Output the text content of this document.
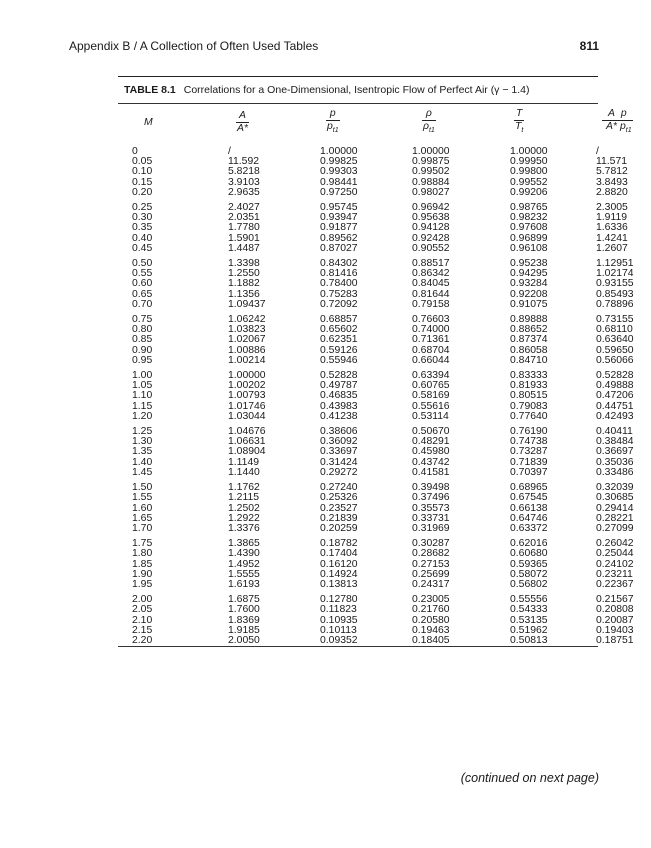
Appendix B / A Collection of Often Used Tables	811
TABLE 8.1 Correlations for a One-Dimensional, Isentropic Flow of Perfect Air (γ − 1.4)
M	$\frac{A}{A*}$	$\frac{p}{p_{t1}}$	$\frac{\rho}{\rho_{t1}}$	$\frac{T}{T_t}$	$\frac{\text{A p}}{A* p_{t1}}$

0	/	1.00000	1.00000	1.00000	/
0.05	11.592	0.99825	0.99875	0.99950	11.571
0.10	5.8218	0.99303	0.99502	0.99800	5.7812
0.15	3.9103	0.98441	0.98884	0.99552	3.8493
0.20	2.9635	0.97250	0.98027	0.99206	2.8820
0.25	2.4027	0.95745	0.96942	0.98765	2.3005
0.30	2.0351	0.93947	0.95638	0.98232	1.9119
0.35	1.7780	0.91877	0.94128	0.97608	1.6336
0.40	1.5901	0.89562	0.92428	0.96899	1.4241
0.45	1.4487	0.87027	0.90552	0.96108	1.2607
0.50	1.3398	0.84302	0.88517	0.95238	1.12951
0.55	1.2550	0.81416	0.86342	0.94295	1.02174
0.60	1.1882	0.78400	0.84045	0.93284	0.93155
0.65	1.1356	0.75283	0.81644	0.92208	0.85493
0.70	1.09437	0.72092	0.79158	0.91075	0.78896
0.75	1.06242	0.68857	0.76603	0.89888	0.73155
0.80	1.03823	0.65602	0.74000	0.88652	0.68110
0.85	1.02067	0.62351	0.71361	0.87374	0.63640
0.90	1.00886	0.59126	0.68704	0.86058	0.59650
0.95	1.00214	0.55946	0.66044	0.84710	0.56066
1.00	1.00000	0.52828	0.63394	0.83333	0.52828
1.05	1.00202	0.49787	0.60765	0.81933	0.49888
1.10	1.00793	0.46835	0.58169	0.80515	0.47206
1.15	1.01746	0.43983	0.55616	0.79083	0.44751
1.20	1.03044	0.41238	0.53114	0.77640	0.42493
1.25	1.04676	0.38606	0.50670	0.76190	0.40411
1.30	1.06631	0.36092	0.48291	0.74738	0.38484
1.35	1.08904	0.33697	0.45980	0.73287	0.36697
1.40	1.1149	0.31424	0.43742	0.71839	0.35036
1.45	1.1440	0.29272	0.41581	0.70397	0.33486
1.50	1.1762	0.27240	0.39498	0.68965	0.32039
1.55	1.2115	0.25326	0.37496	0.67545	0.30685
1.60	1.2502	0.23527	0.35573	0.66138	0.29414
1.65	1.2922	0.21839	0.33731	0.64746	0.28221
1.70	1.3376	0.20259	0.31969	0.63372	0.27099
1.75	1.3865	0.18782	0.30287	0.62016	0.26042
1.80	1.4390	0.17404	0.28682	0.60680	0.25044
1.85	1.4952	0.16120	0.27153	0.59365	0.24102
1.90	1.5555	0.14924	0.25699	0.58072	0.23211
1.95	1.6193	0.13813	0.24317	0.56802	0.22367
2.00	1.6875	0.12780	0.23005	0.55556	0.21567
2.05	1.7600	0.11823	0.21760	0.54333	0.20808
2.10	1.8369	0.10935	0.20580	0.53135	0.20087
2.15	1.9185	0.10113	0.19463	0.51962	0.19403
2.20	2.0050	0.09352	0.18405	0.50813	0.18751
(continued on next page)
